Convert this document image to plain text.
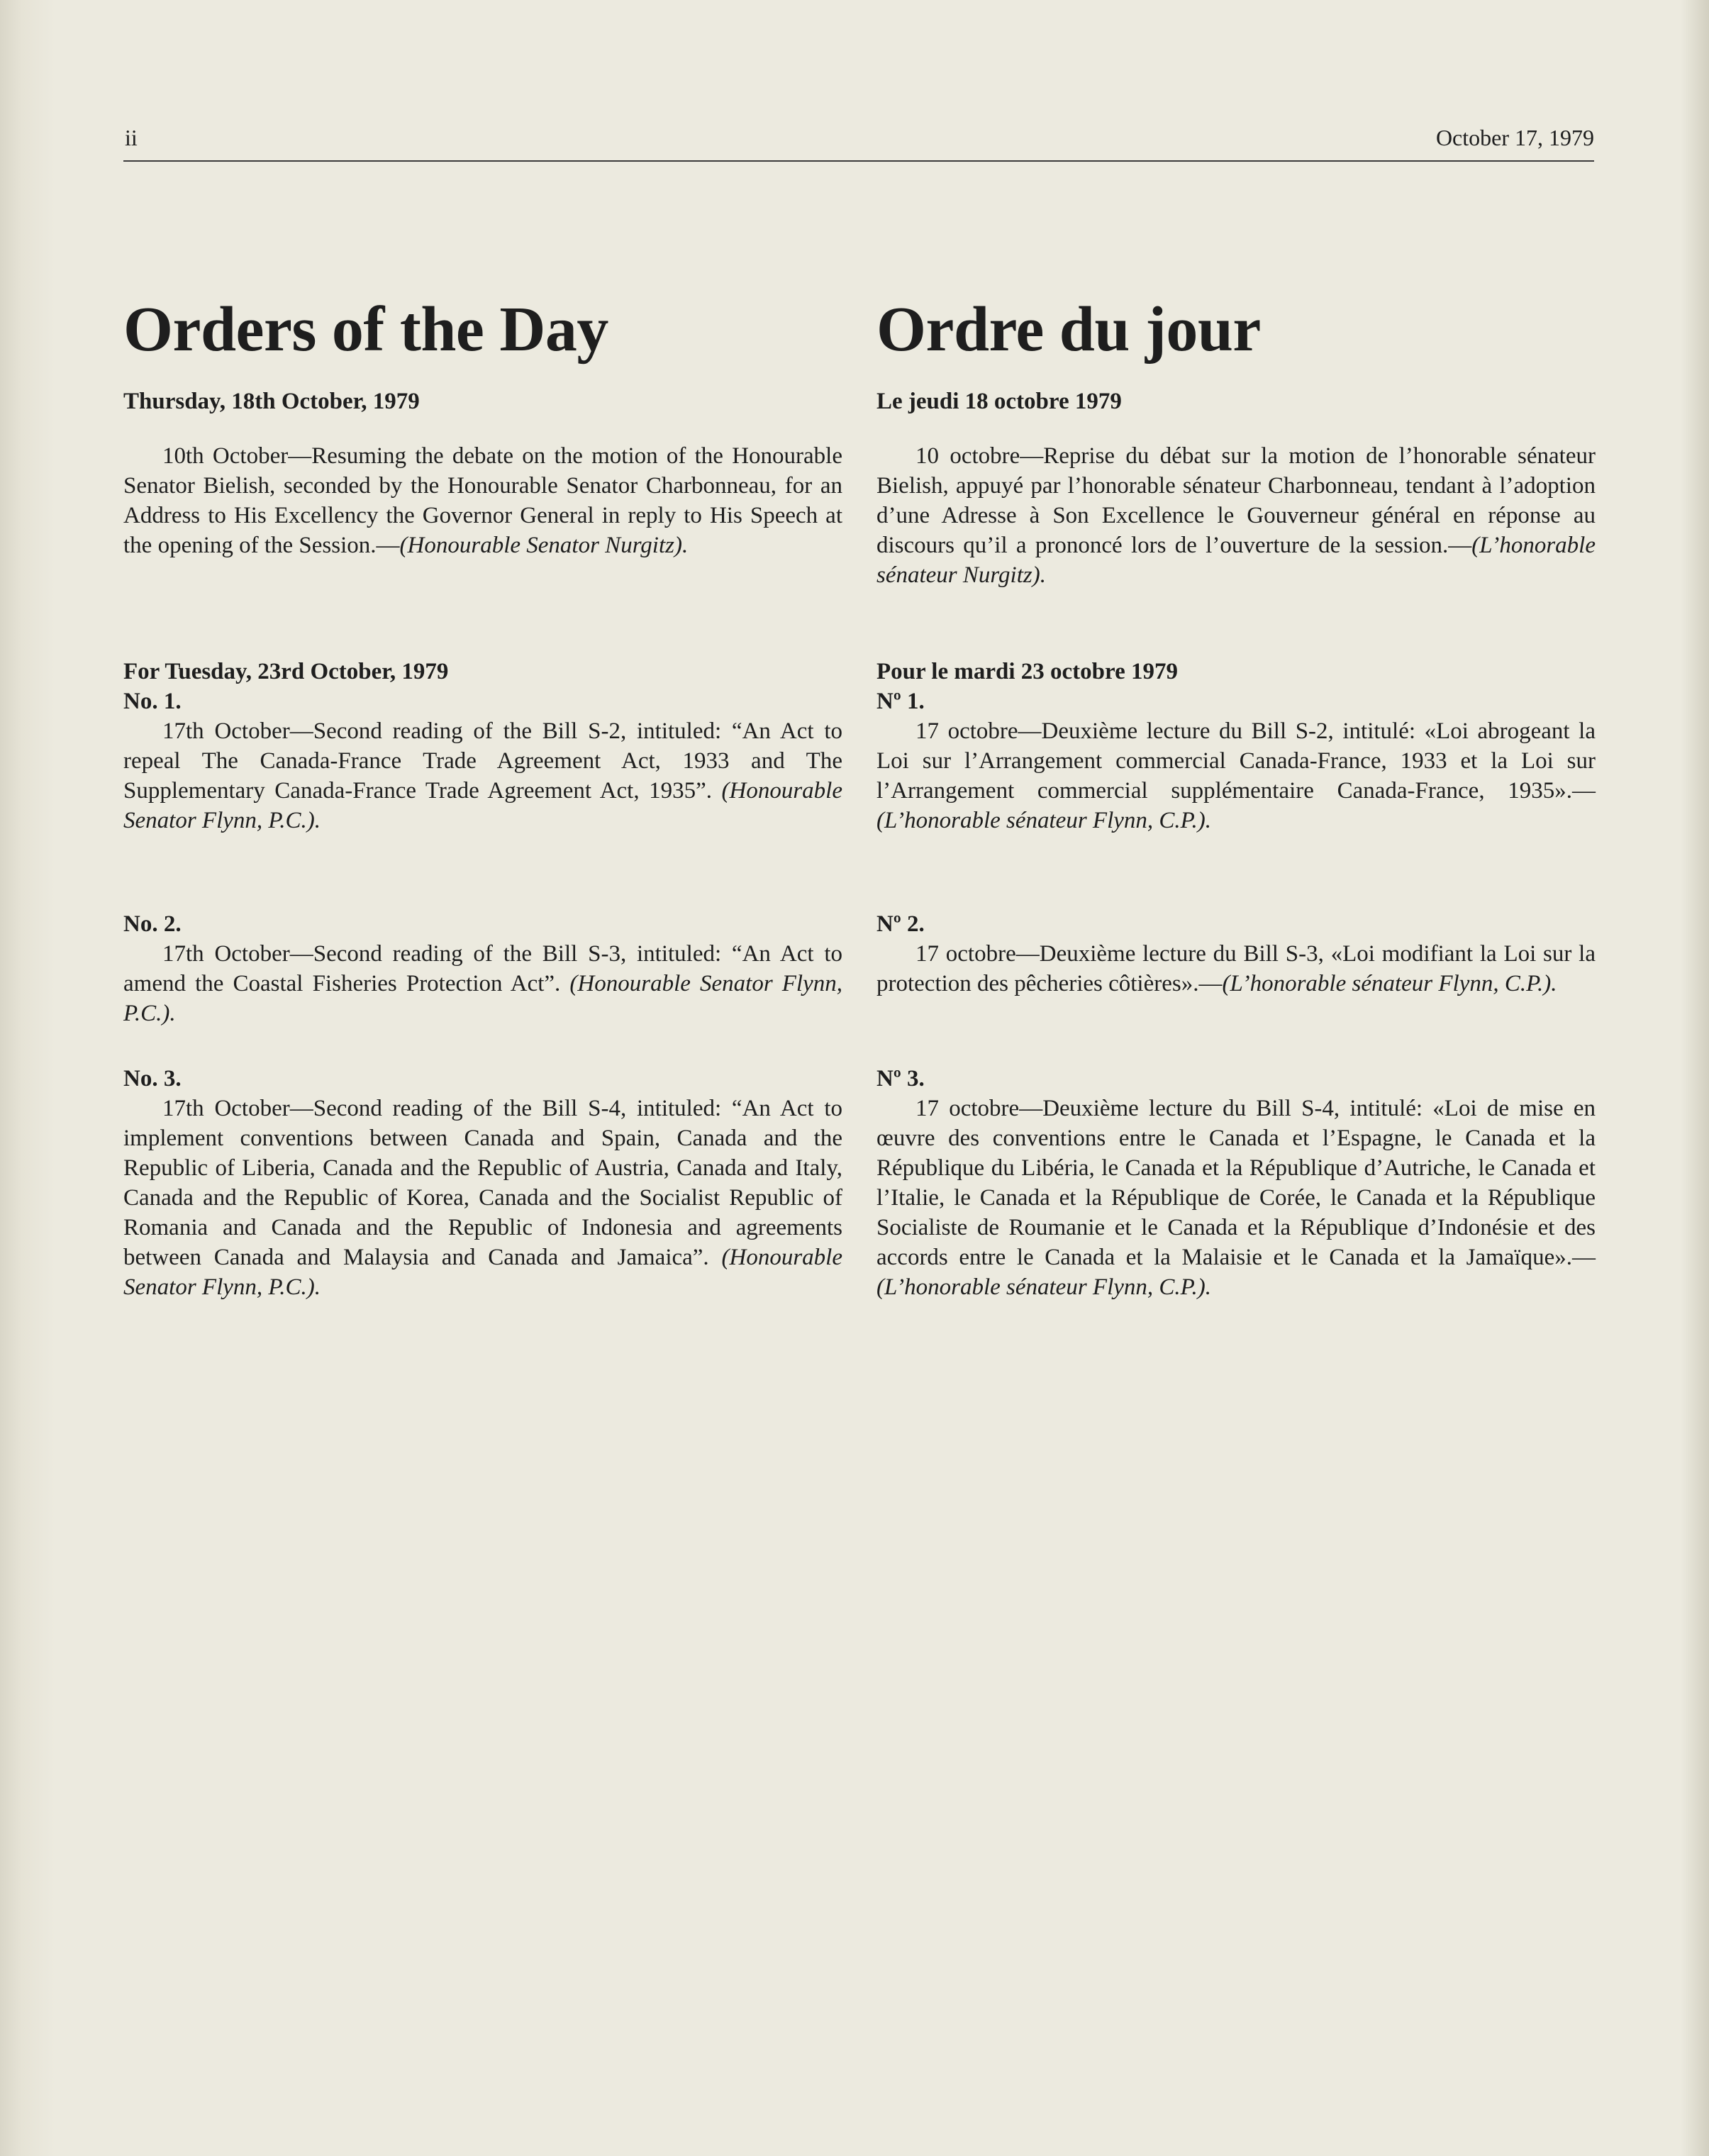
ii	October 17, 1979
Orders of the Day

Thursday, 18th October, 1979

10th October—Resuming the debate on the motion of the Honourable Senator Bielish, seconded by the Honourable Senator Charbonneau, for an Address to His Excellency the Governor General in reply to His Speech at the opening of the Session.—(Honourable Senator Nurgitz).

For Tuesday, 23rd October, 1979

No. 1.

17th October—Second reading of the Bill S-2, intituled: “An Act to repeal The Canada-France Trade Agreement Act, 1933 and The Supplementary Canada-France Trade Agreement Act, 1935”. (Honourable Senator Flynn, P.C.).

No. 2.

17th October—Second reading of the Bill S-3, intituled: “An Act to amend the Coastal Fisheries Protection Act”. (Honourable Senator Flynn, P.C.).

No. 3.

17th October—Second reading of the Bill S-4, intituled: “An Act to implement conventions between Canada and Spain, Canada and the Republic of Liberia, Canada and the Republic of Austria, Canada and Italy, Canada and the Republic of Korea, Canada and the Socialist Republic of Romania and Canada and the Republic of Indonesia and agreements between Canada and Malaysia and Canada and Jamaica”. (Honourable Senator Flynn, P.C.).

Ordre du jour

Le jeudi 18 octobre 1979

10 octobre—Reprise du débat sur la motion de l’honorable sénateur Bielish, appuyé par l’honorable sénateur Charbonneau, tendant à l’adoption d’une Adresse à Son Excellence le Gouverneur général en réponse au discours qu’il a prononcé lors de l’ouverture de la session.—(L’honorable sénateur Nurgitz).

Pour le mardi 23 octobre 1979

Nº 1.

17 octobre—Deuxième lecture du Bill S-2, intitulé: «Loi abrogeant la Loi sur l’Arrangement commercial Canada-France, 1933 et la Loi sur l’Arrangement commercial supplémentaire Canada-France, 1935».—(L’honorable sénateur Flynn, C.P.).

Nº 2.

17 octobre—Deuxième lecture du Bill S-3, «Loi modifiant la Loi sur la protection des pêcheries côtières».—(L’honorable sénateur Flynn, C.P.).

Nº 3.

17 octobre—Deuxième lecture du Bill S-4, intitulé: «Loi de mise en œuvre des conventions entre le Canada et l’Espagne, le Canada et la République du Libéria, le Canada et la République d’Autriche, le Canada et l’Italie, le Canada et la République de Corée, le Canada et la République Socialiste de Roumanie et le Canada et la République d’Indonésie et des accords entre le Canada et la Malaisie et le Canada et la Jamaïque».—(L’honorable sénateur Flynn, C.P.).
